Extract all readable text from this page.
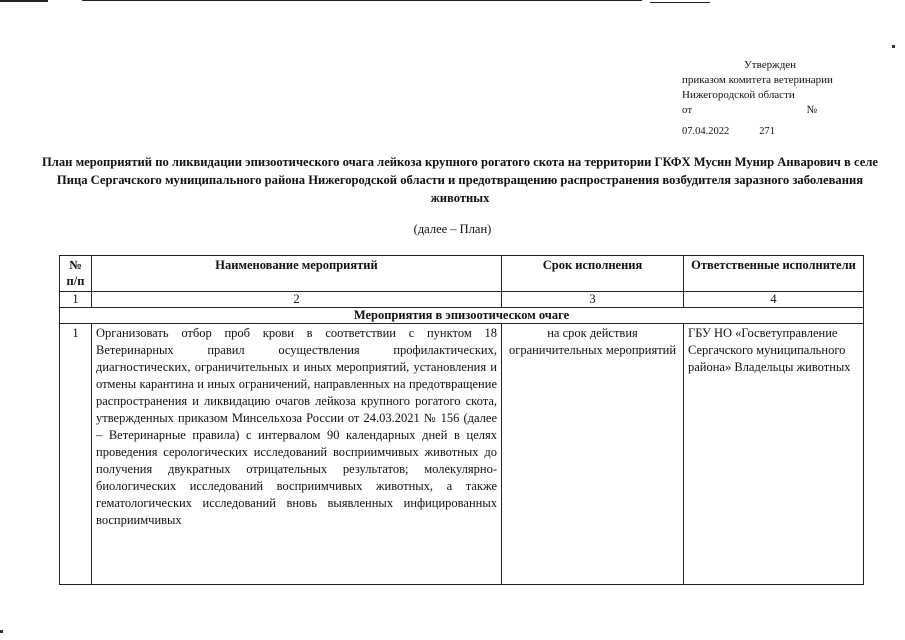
Утвержден
приказом комитета ветеринарии
Нижегородской области
от	№
07.04.2022	271
План мероприятий по ликвидации эпизоотического очага лейкоза крупного рогатого скота на территории ГКФХ Мусин Мунир Анварович в селе Пица Сергачского муниципального района Нижегородской области и предотвращению распространения возбудителя заразного заболевания животных
(далее – План)
№ п/п	Наименование мероприятий	Срок исполнения	Ответственные исполнители
1	2	3	4
Мероприятия в эпизоотическом очаге			
1	Организовать отбор проб крови в соответствии с пунктом 18 Ветеринарных правил осуществления профилактических, диагностических, ограничительных и иных мероприятий, установления и отмены карантина и иных ограничений, направленных на предотвращение распространения и ликвидацию очагов лейкоза крупного рогатого скота, утвержденных приказом Минсельхоза России от 24.03.2021 № 156 (далее – Ветеринарные правила) с интервалом 90 календарных дней в целях проведения серологических исследований восприимчивых животных до получения двукратных отрицательных результатов; молекулярно-биологических исследований восприимчивых животных, а также гематологических исследований вновь выявленных инфицированных восприимчивых	на срок действия ограничительных мероприятий	ГБУ НО «Госветуправление Сергачского муниципального района» Владельцы животных
